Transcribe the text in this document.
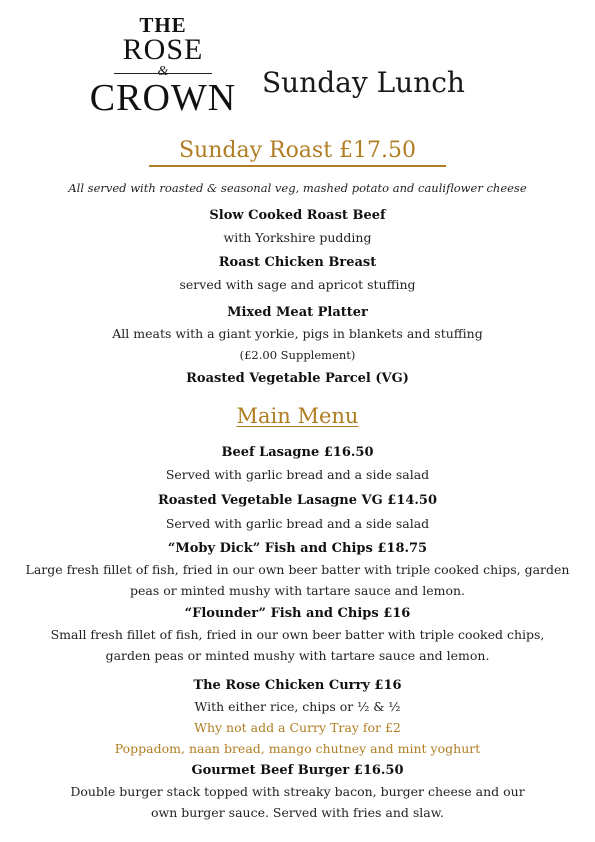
THE
ROSE
&
CROWN Sunday Lunch
Sunday Roast £17.50
All served with roasted & seasonal veg, mashed potato and cauliflower cheese
Slow Cooked Roast Beef
with Yorkshire pudding
Roast Chicken Breast
served with sage and apricot stuffing
Mixed Meat Platter
All meats with a giant yorkie, pigs in blankets and stuffing
(£2.00 Supplement)
Roasted Vegetable Parcel (VG)
Main Menu
Beef Lasagne £16.50
Served with garlic bread and a side salad
Roasted Vegetable Lasagne VG £14.50
Served with garlic bread and a side salad
“Moby Dick” Fish and Chips £18.75
Large fresh fillet of fish, fried in our own beer batter with triple cooked chips, garden
peas or minted mushy with tartare sauce and lemon.
“Flounder” Fish and Chips £16
Small fresh fillet of fish, fried in our own beer batter with triple cooked chips,
garden peas or minted mushy with tartare sauce and lemon.
The Rose Chicken Curry £16
With either rice, chips or ½ & ½
Why not add a Curry Tray for £2
Poppadom, naan bread, mango chutney and mint yoghurt
Gourmet Beef Burger £16.50
Double burger stack topped with streaky bacon, burger cheese and our
own burger sauce. Served with fries and slaw.
